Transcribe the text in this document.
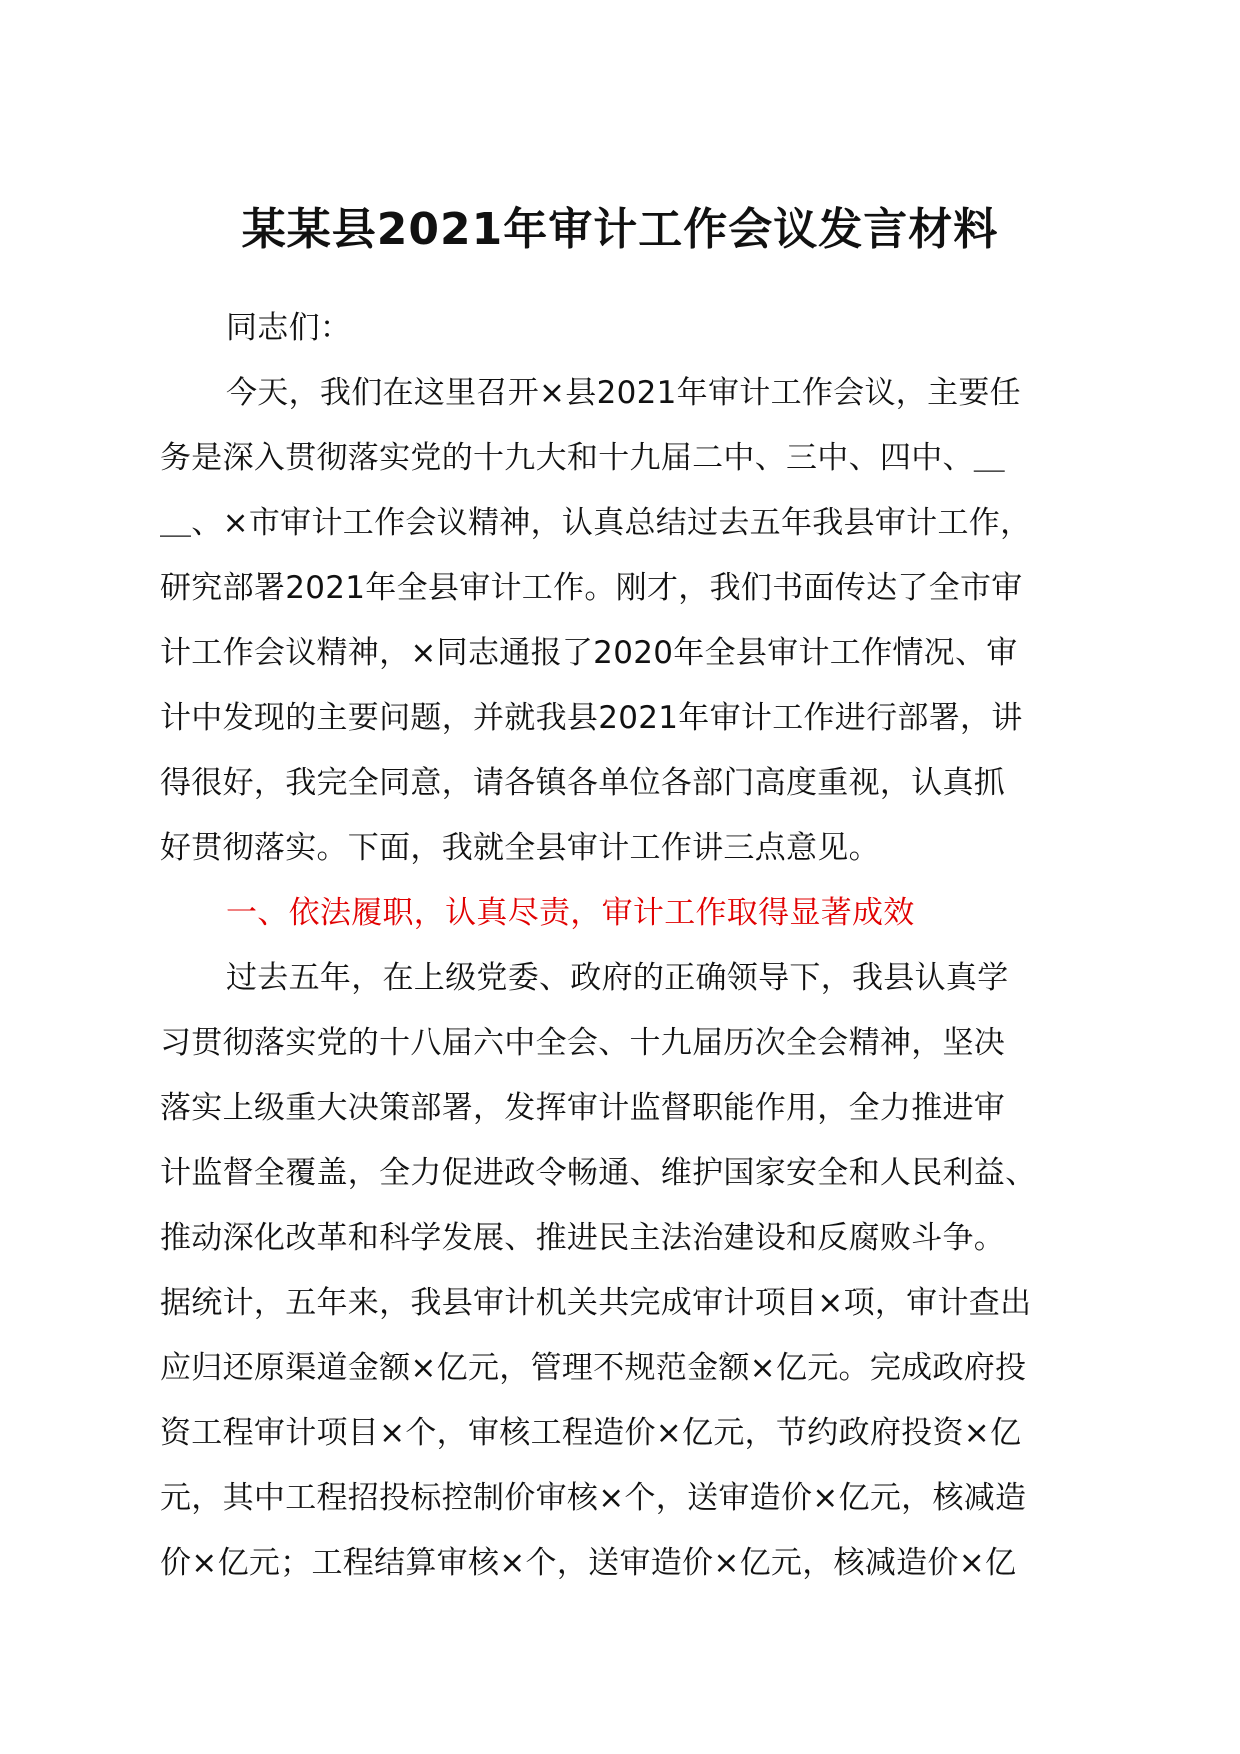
某某县2021年审计工作会议发言材料

同志们：

今天，我们在这里召开×县2021年审计工作会议，主要任
务是深入贯彻落实党的十九大和十九届二中、三中、四中、＿
＿、×市审计工作会议精神，认真总结过去五年我县审计工作，
研究部署2021年全县审计工作。刚才，我们书面传达了全市审
计工作会议精神，×同志通报了2020年全县审计工作情况、审
计中发现的主要问题，并就我县2021年审计工作进行部署，讲
得很好，我完全同意，请各镇各单位各部门高度重视，认真抓
好贯彻落实。下面，我就全县审计工作讲三点意见。

一、依法履职，认真尽责，审计工作取得显著成效

过去五年，在上级党委、政府的正确领导下，我县认真学
习贯彻落实党的十八届六中全会、十九届历次全会精神，坚决
落实上级重大决策部署，发挥审计监督职能作用，全力推进审
计监督全覆盖，全力促进政令畅通、维护国家安全和人民利益、
推动深化改革和科学发展、推进民主法治建设和反腐败斗争。
据统计，五年来，我县审计机关共完成审计项目×项，审计查出
应归还原渠道金额×亿元，管理不规范金额×亿元。完成政府投
资工程审计项目×个，审核工程造价×亿元，节约政府投资×亿
元，其中工程招投标控制价审核×个，送审造价×亿元，核减造
价×亿元；工程结算审核×个，送审造价×亿元，核减造价×亿
